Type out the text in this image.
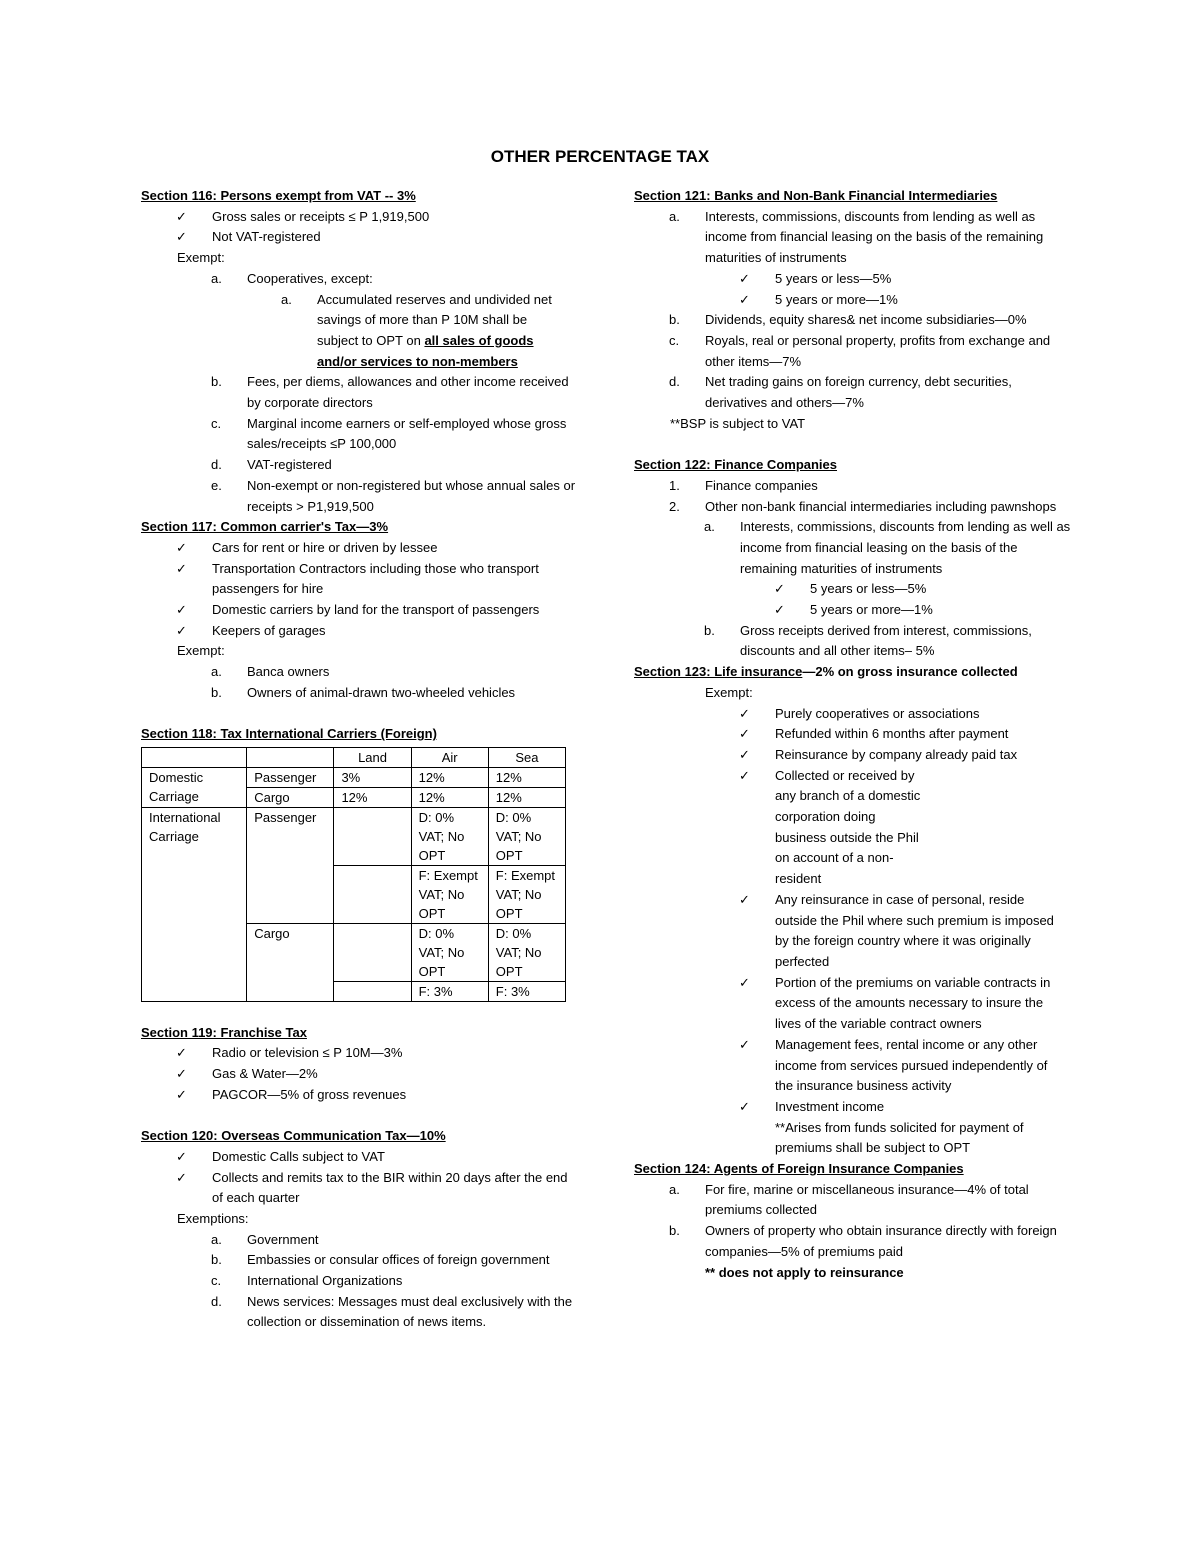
OTHER PERCENTAGE TAX
Section 116: Persons exempt from VAT -- 3%
✓	Gross sales or receipts ≤ P 1,919,500
✓	Not VAT-registered
Exempt:
a.	Cooperatives, except:
a.	Accumulated reserves and undivided net savings of more than P 10M shall be subject to OPT on all sales of goods and/or services to non-members
b.	Fees, per diems, allowances and other income received by corporate directors
c.	Marginal income earners or self-employed whose gross sales/receipts ≤P 100,000
d.	VAT-registered
e.	Non-exempt or non-registered but whose annual sales or receipts > P1,919,500
Section 117: Common carrier's Tax—3%
✓	Cars for rent or hire or driven by lessee
✓	Transportation Contractors including those who transport passengers for hire
✓	Domestic carriers by land for the transport of passengers
✓	Keepers of garages
Exempt:
a.	Banca owners
b.	Owners of animal-drawn two-wheeled vehicles
Section 118: Tax International Carriers (Foreign)
		Land	Air	Sea
Domestic Carriage	Passenger	3%	12%	12%
	Cargo	12%	12%	12%
International Carriage	Passenger		D: 0% VAT; No OPT	D: 0% VAT; No OPT
			F: Exempt VAT; No OPT	F: Exempt VAT; No OPT
	Cargo		D: 0% VAT; No OPT	D: 0% VAT; No OPT
			F: 3%	F: 3%
Section 119: Franchise Tax
✓	Radio or television ≤ P 10M—3%
✓	Gas & Water—2%
✓	PAGCOR—5% of gross revenues
Section 120: Overseas Communication Tax—10%
✓	Domestic Calls subject to VAT
✓	Collects and remits tax to the BIR within 20 days after the end of each quarter
Exemptions:
a.	Government
b.	Embassies or consular offices of foreign government
c.	International Organizations
d.	News services: Messages must deal exclusively with the collection or dissemination of news items.
Section 121: Banks and Non-Bank Financial Intermediaries
a.	Interests, commissions, discounts from lending as well as income from financial leasing on the basis of the remaining maturities of instruments
✓	5 years or less—5%
✓	5 years or more—1%
b.	Dividends, equity shares& net income subsidiaries—0%
c.	Royals, real or personal property, profits from exchange and other items—7%
d.	Net trading gains on foreign currency, debt securities, derivatives and others—7%
**BSP is subject to VAT
Section 122: Finance Companies
1.	Finance companies
2.	Other non-bank financial intermediaries including pawnshops
a.	Interests, commissions, discounts from lending as well as income from financial leasing on the basis of the remaining maturities of instruments
✓	5 years or less—5%
✓	5 years or more—1%
b.	Gross receipts derived from interest, commissions, discounts and all other items– 5%
Section 123: Life insurance—2% on gross insurance collected
Exempt:
✓	Purely cooperatives or associations
✓	Refunded within 6 months after payment
✓	Reinsurance by company already paid tax
✓	Collected or received by any branch of a domestic corporation doing business outside the Phil on account of a non-resident
✓	Any reinsurance in case of personal, reside outside the Phil where such premium is imposed by the foreign country where it was originally perfected
✓	Portion of the premiums on variable contracts in excess of the amounts necessary to insure the lives of the variable contract owners
✓	Management fees, rental income or any other income from services pursued independently of the insurance business activity
✓	Investment income
**Arises from funds solicited for payment of premiums shall be subject to OPT
Section 124: Agents of Foreign Insurance Companies
a.	For fire, marine or miscellaneous insurance—4% of total premiums collected
b.	Owners of property who obtain insurance directly with foreign companies—5% of premiums paid
** does not apply to reinsurance
